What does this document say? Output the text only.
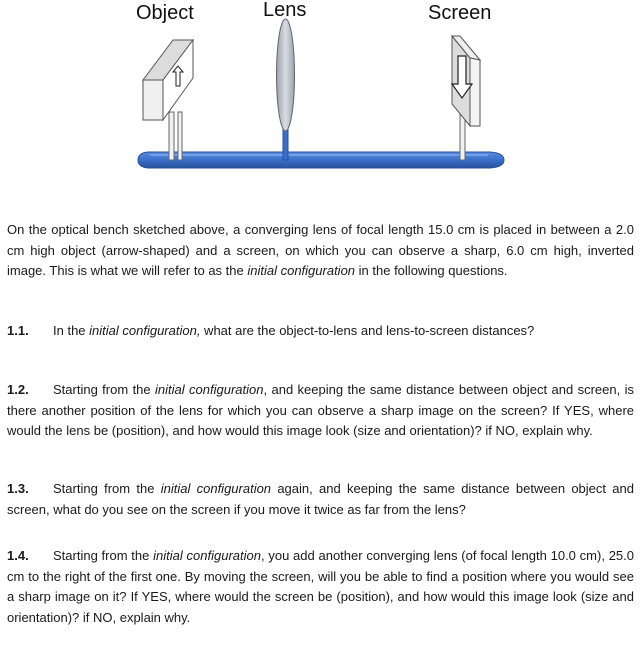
Object	Lens	Screen

On the optical bench sketched above, a converging lens of focal length 15.0 cm is placed in between a 2.0 cm high object (arrow-shaped) and a screen, on which you can observe a sharp, 6.0 cm high, inverted image. This is what we will refer to as the initial configuration in the following questions.

1.1. In the initial configuration, what are the object-to-lens and lens-to-screen distances?

1.2. Starting from the initial configuration, and keeping the same distance between object and screen, is there another position of the lens for which you can observe a sharp image on the screen? If YES, where would the lens be (position), and how would this image look (size and orientation)? if NO, explain why.

1.3. Starting from the initial configuration again, and keeping the same distance between object and screen, what do you see on the screen if you move it twice as far from the lens?

1.4. Starting from the initial configuration, you add another converging lens (of focal length 10.0 cm), 25.0 cm to the right of the first one. By moving the screen, will you be able to find a position where you would see a sharp image on it? If YES, where would the screen be (position), and how would this image look (size and orientation)? if NO, explain why.
